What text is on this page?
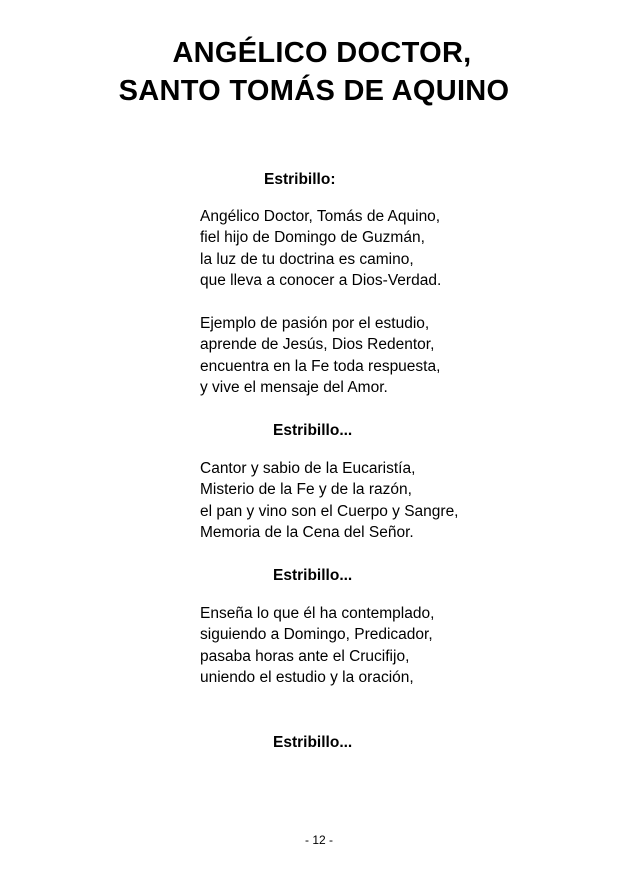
ANGÉLICO DOCTOR,
SANTO TOMÁS DE AQUINO

Estribillo:

Angélico Doctor, Tomás de Aquino,
fiel hijo de Domingo de Guzmán,
la luz de tu doctrina es camino,
que lleva a conocer a Dios-Verdad.

Ejemplo de pasión por el estudio,
aprende de Jesús, Dios Redentor,
encuentra en la Fe toda respuesta,
y vive el mensaje del Amor.

Estribillo...

Cantor y sabio de la Eucaristía,
Misterio de la Fe y de la razón,
el pan y vino son el Cuerpo y Sangre,
Memoria de la Cena del Señor.

Estribillo...

Enseña lo que él ha contemplado,
siguiendo a Domingo, Predicador,
pasaba horas ante el Crucifijo,
uniendo el estudio y la oración,

Estribillo...

- 12 -
